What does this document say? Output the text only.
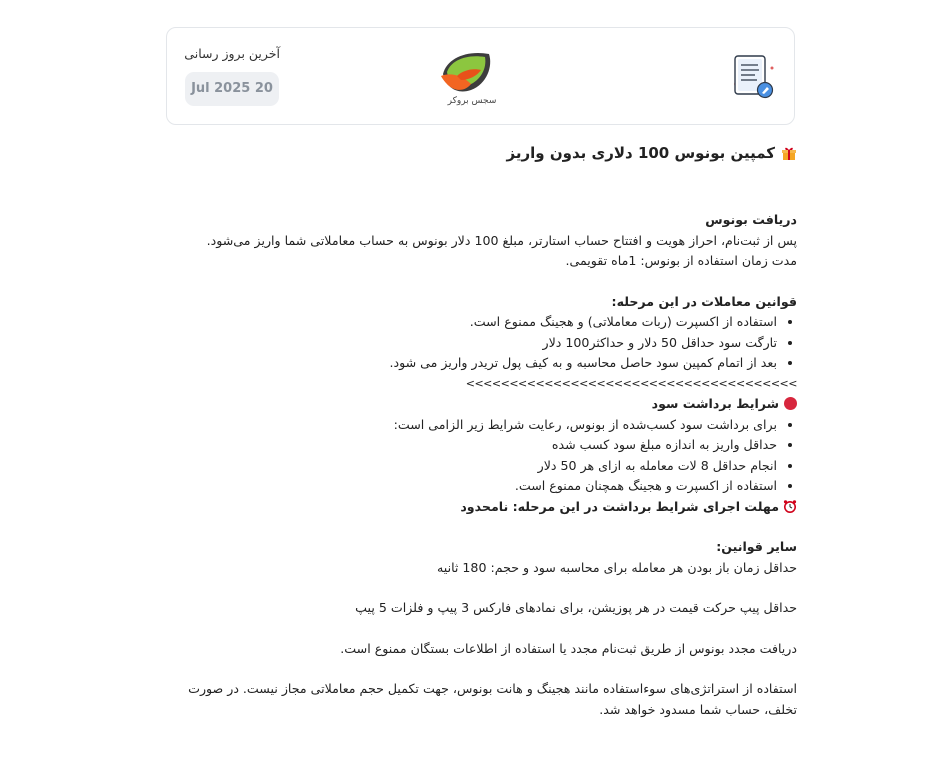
سجس بروکر
آخرین بروز رسانی
Jul 2025 20
کمپین بونوس 100 دلاری بدون واریز

دریافت بونوس

پس از ثبت‌نام، احراز هویت و افتتاح حساب استارتر، مبلغ 100 دلار بونوس به حساب معاملاتی شما واریز می‌شود.

مدت زمان استفاده از بونوس: 1ماه تقویمی.

قوانین معاملات در این مرحله:

• استفاده از اکسپرت (ربات معاملاتی) و هجینگ ممنوع است.
• تارگت سود حداقل 50 دلار و حداکثر100 دلار
• بعد از اتمام کمپین سود حاصل محاسبه و به کیف پول تریدر واریز می شود.

<<<<<<<<<<<<<<<<<<<<<<<<<<<<<<<<<<<<<<

شرایط برداشت سود

• برای برداشت سود کسب‌شده از بونوس، رعایت شرایط زیر الزامی است:
• حداقل واریز به اندازه مبلغ سود کسب شده
• انجام حداقل 8 لات معامله به ازای هر 50 دلار
• استفاده از اکسپرت و هجینگ همچنان ممنوع است.

مهلت اجرای شرایط برداشت در این مرحله: نامحدود

سایر قوانین:

حداقل زمان باز بودن هر معامله برای محاسبه سود و حجم: 180 ثانیه

حداقل پیپ حرکت قیمت در هر پوزیشن، برای نمادهای فارکس 3 پیپ و فلزات 5 پیپ

دریافت مجدد بونوس از طریق ثبت‌نام مجدد یا استفاده از اطلاعات بستگان ممنوع است.

استفاده از استراتژی‌های سوءاستفاده مانند هجینگ و هانت بونوس، جهت تکمیل حجم معاملاتی مجاز نیست. در صورت تخلف، حساب شما مسدود خواهد شد.
